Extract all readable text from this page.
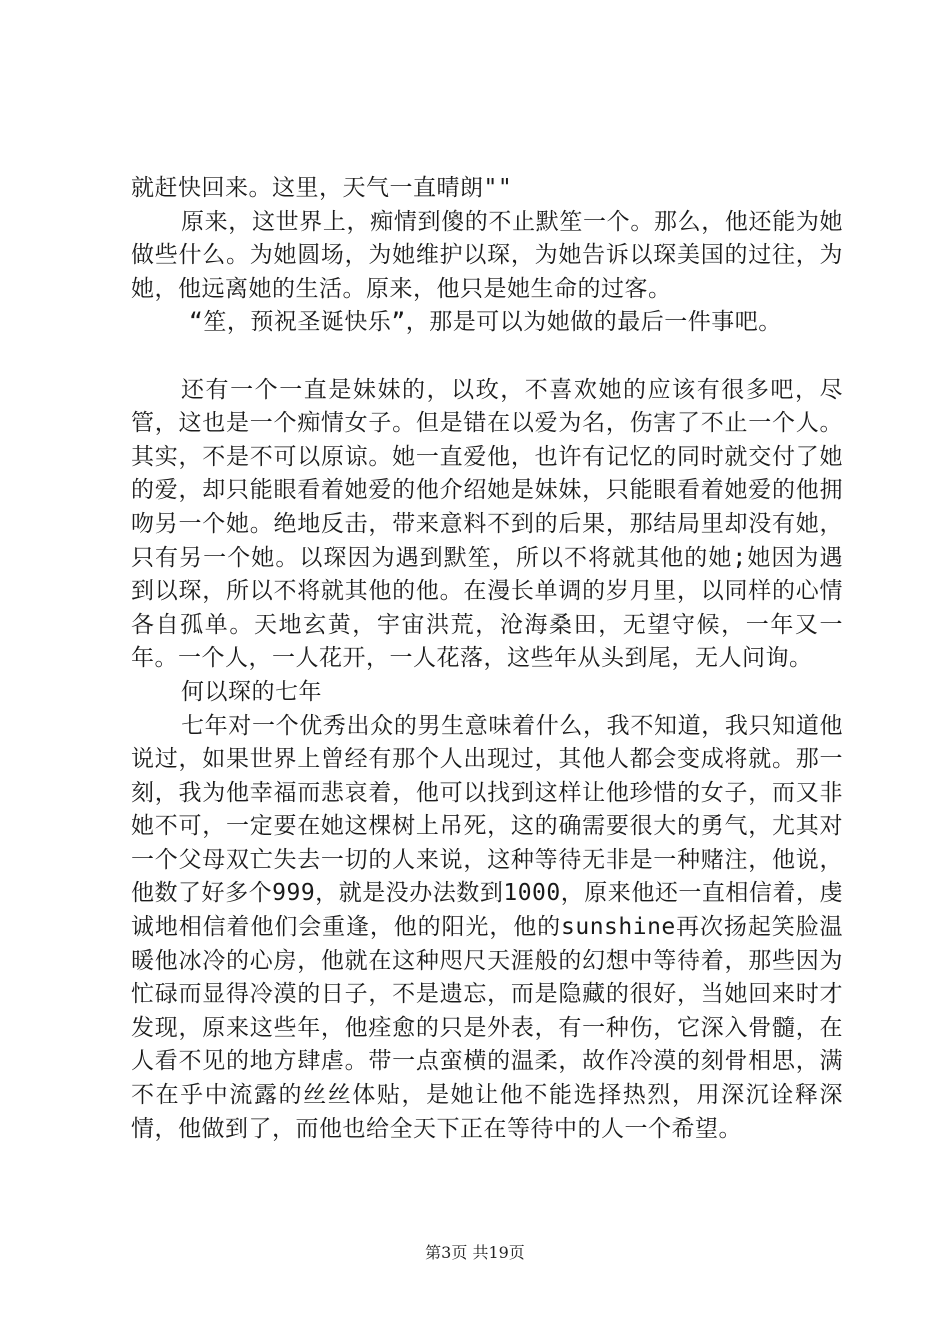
就赶快回来。这里，天气一直晴朗""

原来，这世界上，痴情到傻的不止默笙一个。那么，他还能为她做些什么。为她圆场，为她维护以琛，为她告诉以琛美国的过往，为她，他远离她的生活。原来，他只是她生命的过客。

“笙，预祝圣诞快乐”，那是可以为她做的最后一件事吧。

还有一个一直是妹妹的，以玫，不喜欢她的应该有很多吧，尽管，这也是一个痴情女子。但是错在以爱为名，伤害了不止一个人。其实，不是不可以原谅。她一直爱他，也许有记忆的同时就交付了她的爱，却只能眼看着她爱的他介绍她是妹妹，只能眼看着她爱的他拥吻另一个她。绝地反击，带来意料不到的后果，那结局里却没有她，只有另一个她。以琛因为遇到默笙，所以不将就其他的她;她因为遇到以琛，所以不将就其他的他。在漫长单调的岁月里，以同样的心情各自孤单。天地玄黄，宇宙洪荒，沧海桑田，无望守候，一年又一年。一个人，一人花开，一人花落，这些年从头到尾，无人问询。

何以琛的七年

七年对一个优秀出众的男生意味着什么，我不知道，我只知道他说过，如果世界上曾经有那个人出现过，其他人都会变成将就。那一刻，我为他幸福而悲哀着，他可以找到这样让他珍惜的女子，而又非她不可，一定要在她这棵树上吊死，这的确需要很大的勇气，尤其对一个父母双亡失去一切的人来说，这种等待无非是一种赌注，他说，他数了好多个999，就是没办法数到1000，原来他还一直相信着，虔诚地相信着他们会重逢，他的阳光，他的sunshine再次扬起笑脸温暖他冰冷的心房，他就在这种咫尺天涯般的幻想中等待着，那些因为忙碌而显得冷漠的日子，不是遗忘，而是隐藏的很好，当她回来时才发现，原来这些年，他痊愈的只是外表，有一种伤，它深入骨髓，在人看不见的地方肆虐。带一点蛮横的温柔，故作冷漠的刻骨相思，满不在乎中流露的丝丝体贴，是她让他不能选择热烈，用深沉诠释深情，他做到了，而他也给全天下正在等待中的人一个希望。

第3页 共19页
